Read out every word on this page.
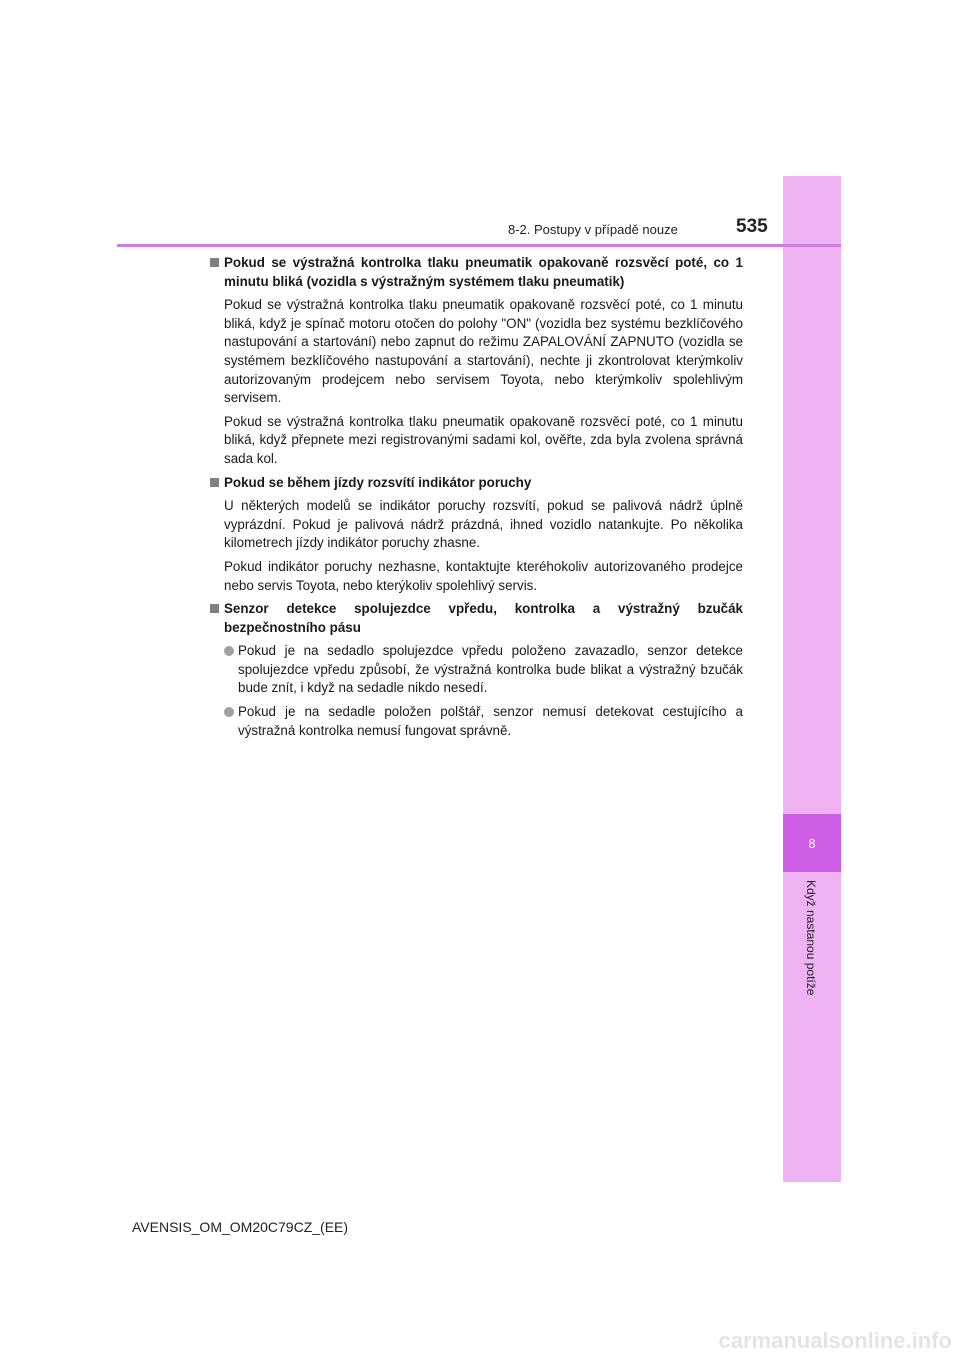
8
Když nastanou potíže
8-2. Postupy v případě nouze	535
Pokud se výstražná kontrolka tlaku pneumatik opakovaně rozsvěcí poté, co 1 minutu bliká (vozidla s výstražným systémem tlaku pneumatik)
Pokud se výstražná kontrolka tlaku pneumatik opakovaně rozsvěcí poté, co 1 minutu bliká, když je spínač motoru otočen do polohy "ON" (vozidla bez systému bezklíčového nastupování a startování) nebo zapnut do režimu ZAPALOVÁNÍ ZAPNUTO (vozidla se systémem bezklíčového nastupování a startování), nechte ji zkontrolovat kterýmkoliv autorizovaným prodejcem nebo servisem Toyota, nebo kterýmkoliv spolehlivým servisem.
Pokud se výstražná kontrolka tlaku pneumatik opakovaně rozsvěcí poté, co 1 minutu bliká, když přepnete mezi registrovanými sadami kol, ověřte, zda byla zvolena správná sada kol.
Pokud se během jízdy rozsvítí indikátor poruchy
U některých modelů se indikátor poruchy rozsvítí, pokud se palivová nádrž úplně vyprázdní. Pokud je palivová nádrž prázdná, ihned vozidlo natankujte. Po několika kilometrech jízdy indikátor poruchy zhasne.
Pokud indikátor poruchy nezhasne, kontaktujte kteréhokoliv autorizovaného prodejce nebo servis Toyota, nebo kterýkoliv spolehlivý servis.
Senzor detekce spolujezdce vpředu, kontrolka a výstražný bzučák bezpečnostního pásu
Pokud je na sedadlo spolujezdce vpředu položeno zavazadlo, senzor detekce spolujezdce vpředu způsobí, že výstražná kontrolka bude blikat a výstražný bzučák bude znít, i když na sedadle nikdo nesedí.
Pokud je na sedadle položen polštář, senzor nemusí detekovat cestujícího a výstražná kontrolka nemusí fungovat správně.
AVENSIS_OM_OM20C79CZ_(EE)
carmanualsonline.info
